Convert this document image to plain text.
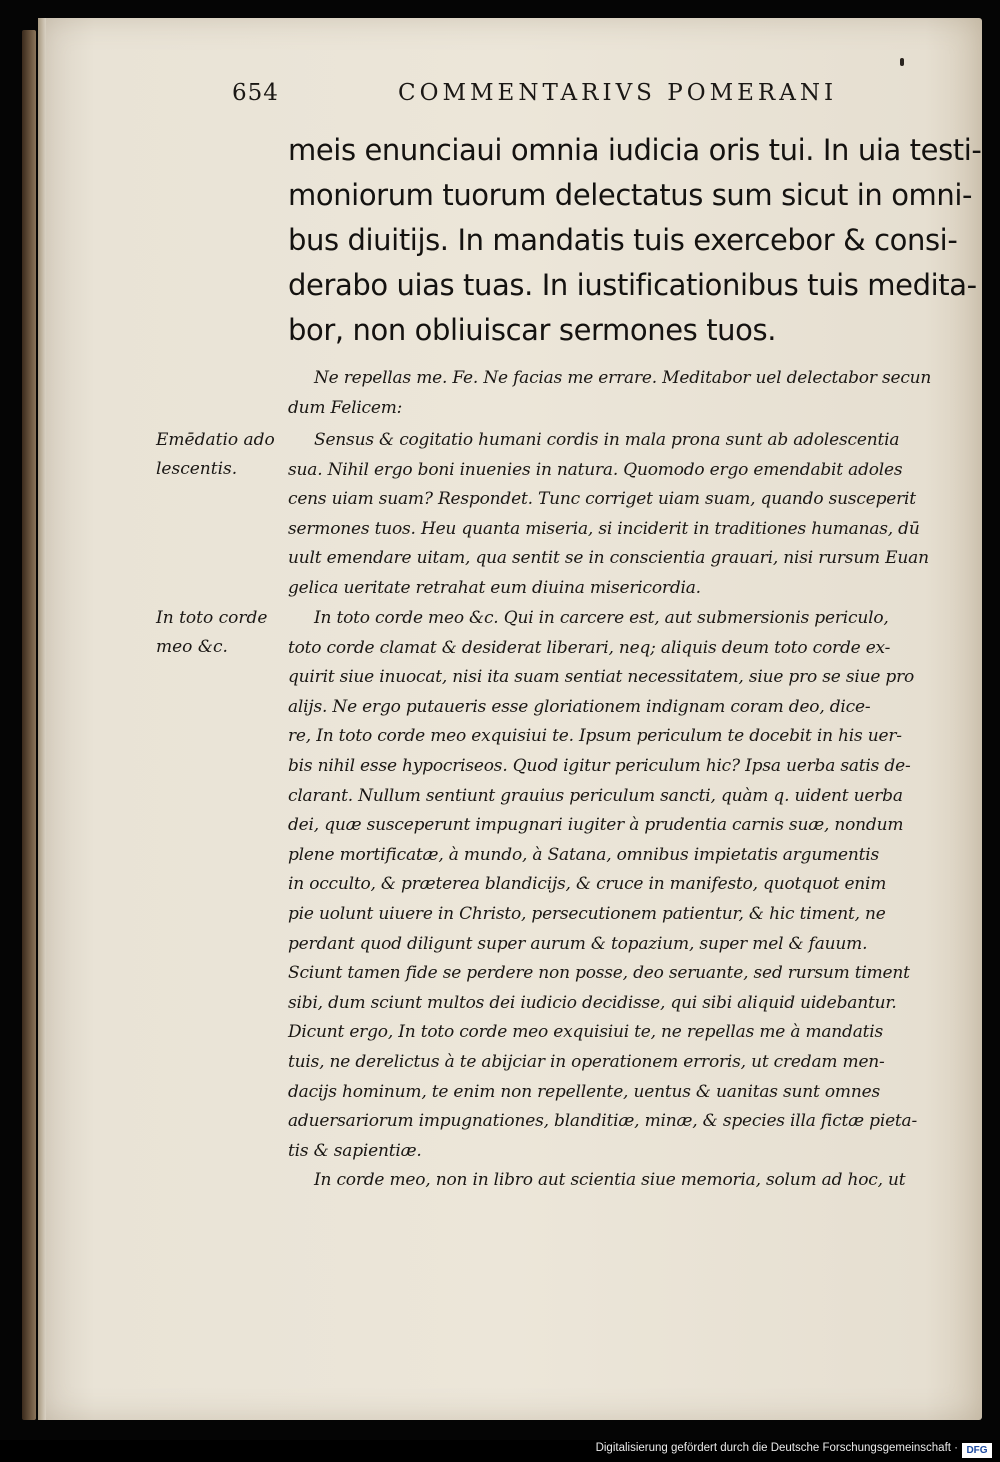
654	COMMENTARIVS POMERANI
meis enunciaui omnia iudicia oris tui. In uia testi-
moniorum tuorum delectatus sum sicut in omni-
bus diuitijs. In mandatis tuis exercebor & consi-
derabo uias tuas. In iustificationibus tuis medita-
bor, non obliuiscar sermones tuos.
Ne repellas me. Fe. Ne facias me errare. Meditabor uel delectabor secun
dum Felicem:
Emēdatio ado
lescentis.
Sensus & cogitatio humani cordis in mala prona sunt ab adolescentia
sua. Nihil ergo boni inuenies in natura. Quomodo ergo emendabit adoles
cens uiam suam? Respondet. Tunc corriget uiam suam, quando susceperit
sermones tuos. Heu quanta miseria, si inciderit in traditiones humanas, dū
uult emendare uitam, qua sentit se in conscientia grauari, nisi rursum Euan
gelica ueritate retrahat eum diuina misericordia.
In toto corde
meo &c.
In toto corde meo &c. Qui in carcere est, aut submersionis periculo,
toto corde clamat & desiderat liberari, neq; aliquis deum toto corde ex-
quirit siue inuocat, nisi ita suam sentiat necessitatem, siue pro se siue pro
alijs. Ne ergo putaueris esse gloriationem indignam coram deo, dice-
re, In toto corde meo exquisiui te. Ipsum periculum te docebit in his uer-
bis nihil esse hypocriseos. Quod igitur periculum hic? Ipsa uerba satis de-
clarant. Nullum sentiunt grauius periculum sancti, quàm q. uident uerba
dei, quæ susceperunt impugnari iugiter à prudentia carnis suæ, nondum
plene mortificatæ, à mundo, à Satana, omnibus impietatis argumentis
in occulto, & præterea blandicijs, & cruce in manifesto, quotquot enim
pie uolunt uiuere in Christo, persecutionem patientur, & hic timent, ne
perdant quod diligunt super aurum & topazium, super mel & fauum.
Sciunt tamen fide se perdere non posse, deo seruante, sed rursum timent
sibi, dum sciunt multos dei iudicio decidisse, qui sibi aliquid uidebantur.
Dicunt ergo, In toto corde meo exquisiui te, ne repellas me à mandatis
tuis, ne derelictus à te abijciar in operationem erroris, ut credam men-
dacijs hominum, te enim non repellente, uentus & uanitas sunt omnes
aduersariorum impugnationes, blanditiæ, minæ, & species illa fictæ pieta-
tis & sapientiæ.
In corde meo, non in libro aut scientia siue memoria, solum ad hoc, ut
Digitalisierung gefördert durch die Deutsche Forschungsgemeinschaft · DFG
